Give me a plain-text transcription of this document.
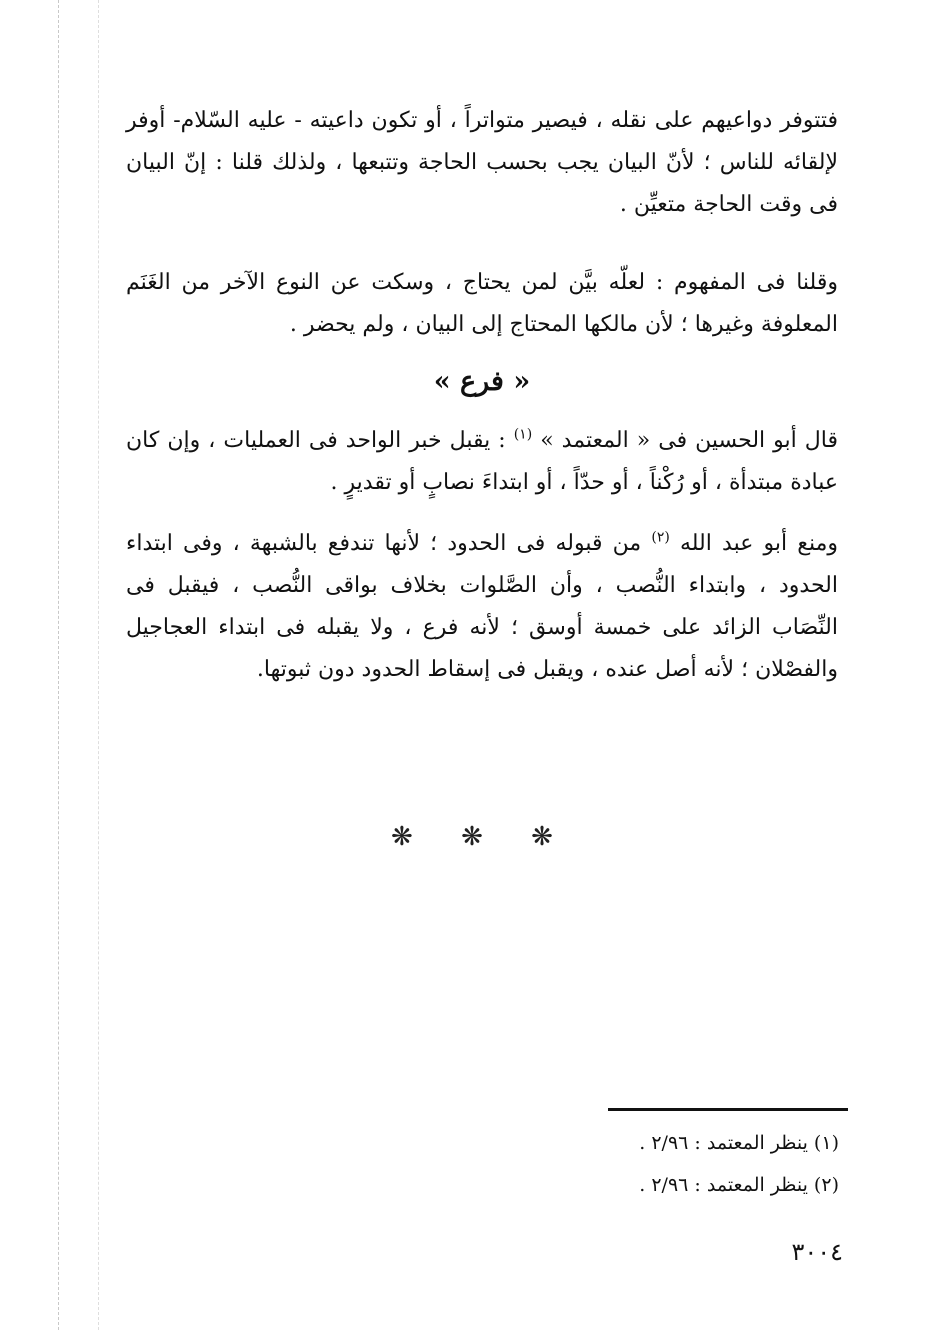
فتتوفر دواعيهم على نقله ، فيصير متواتراً ، أو تكون داعيته - عليه السّلام- أوفر لإلقائه للناس ؛ لأنّ البيان يجب بحسب الحاجة وتتبعها ، ولذلك قلنا : إنّ البيان فى وقت الحاجة متعيِّن .

وقلنا فى المفهوم : لعلّه بيَّن لمن يحتاج ، وسكت عن النوع الآخر من الغَنَم المعلوفة وغيرها ؛ لأن مالكها المحتاج إلى البيان ، ولم يحضر .

« فرع »

قال أبو الحسين فى « المعتمد » $^{(١)}$ : يقبل خبر الواحد فى العمليات ، وإن كان عبادة مبتدأة ، أو رُكْناً ، أو حدّاً ، أو ابتداءَ نصابٍ أو تقديرٍ .

ومنع أبو عبد الله $^{(٢)}$ من قبوله فى الحدود ؛ لأنها تندفع بالشبهة ، وفى ابتداء الحدود ، وابتداء النُّصب ، وأن الصَّلوات بخلاف بواقى النُّصب ، فيقبل فى النِّصَاب الزائد على خمسة أوسق ؛ لأنه فرع ، ولا يقبله فى ابتداء العجاجيل والفصْلان ؛ لأنه أصل عنده ، ويقبل فى إسقاط الحدود دون ثبوتها.

❋ ❋ ❋
(١) ينظر المعتمد : ٢/٩٦ .
(٢) ينظر المعتمد : ٢/٩٦ .
٣٠٠٤
